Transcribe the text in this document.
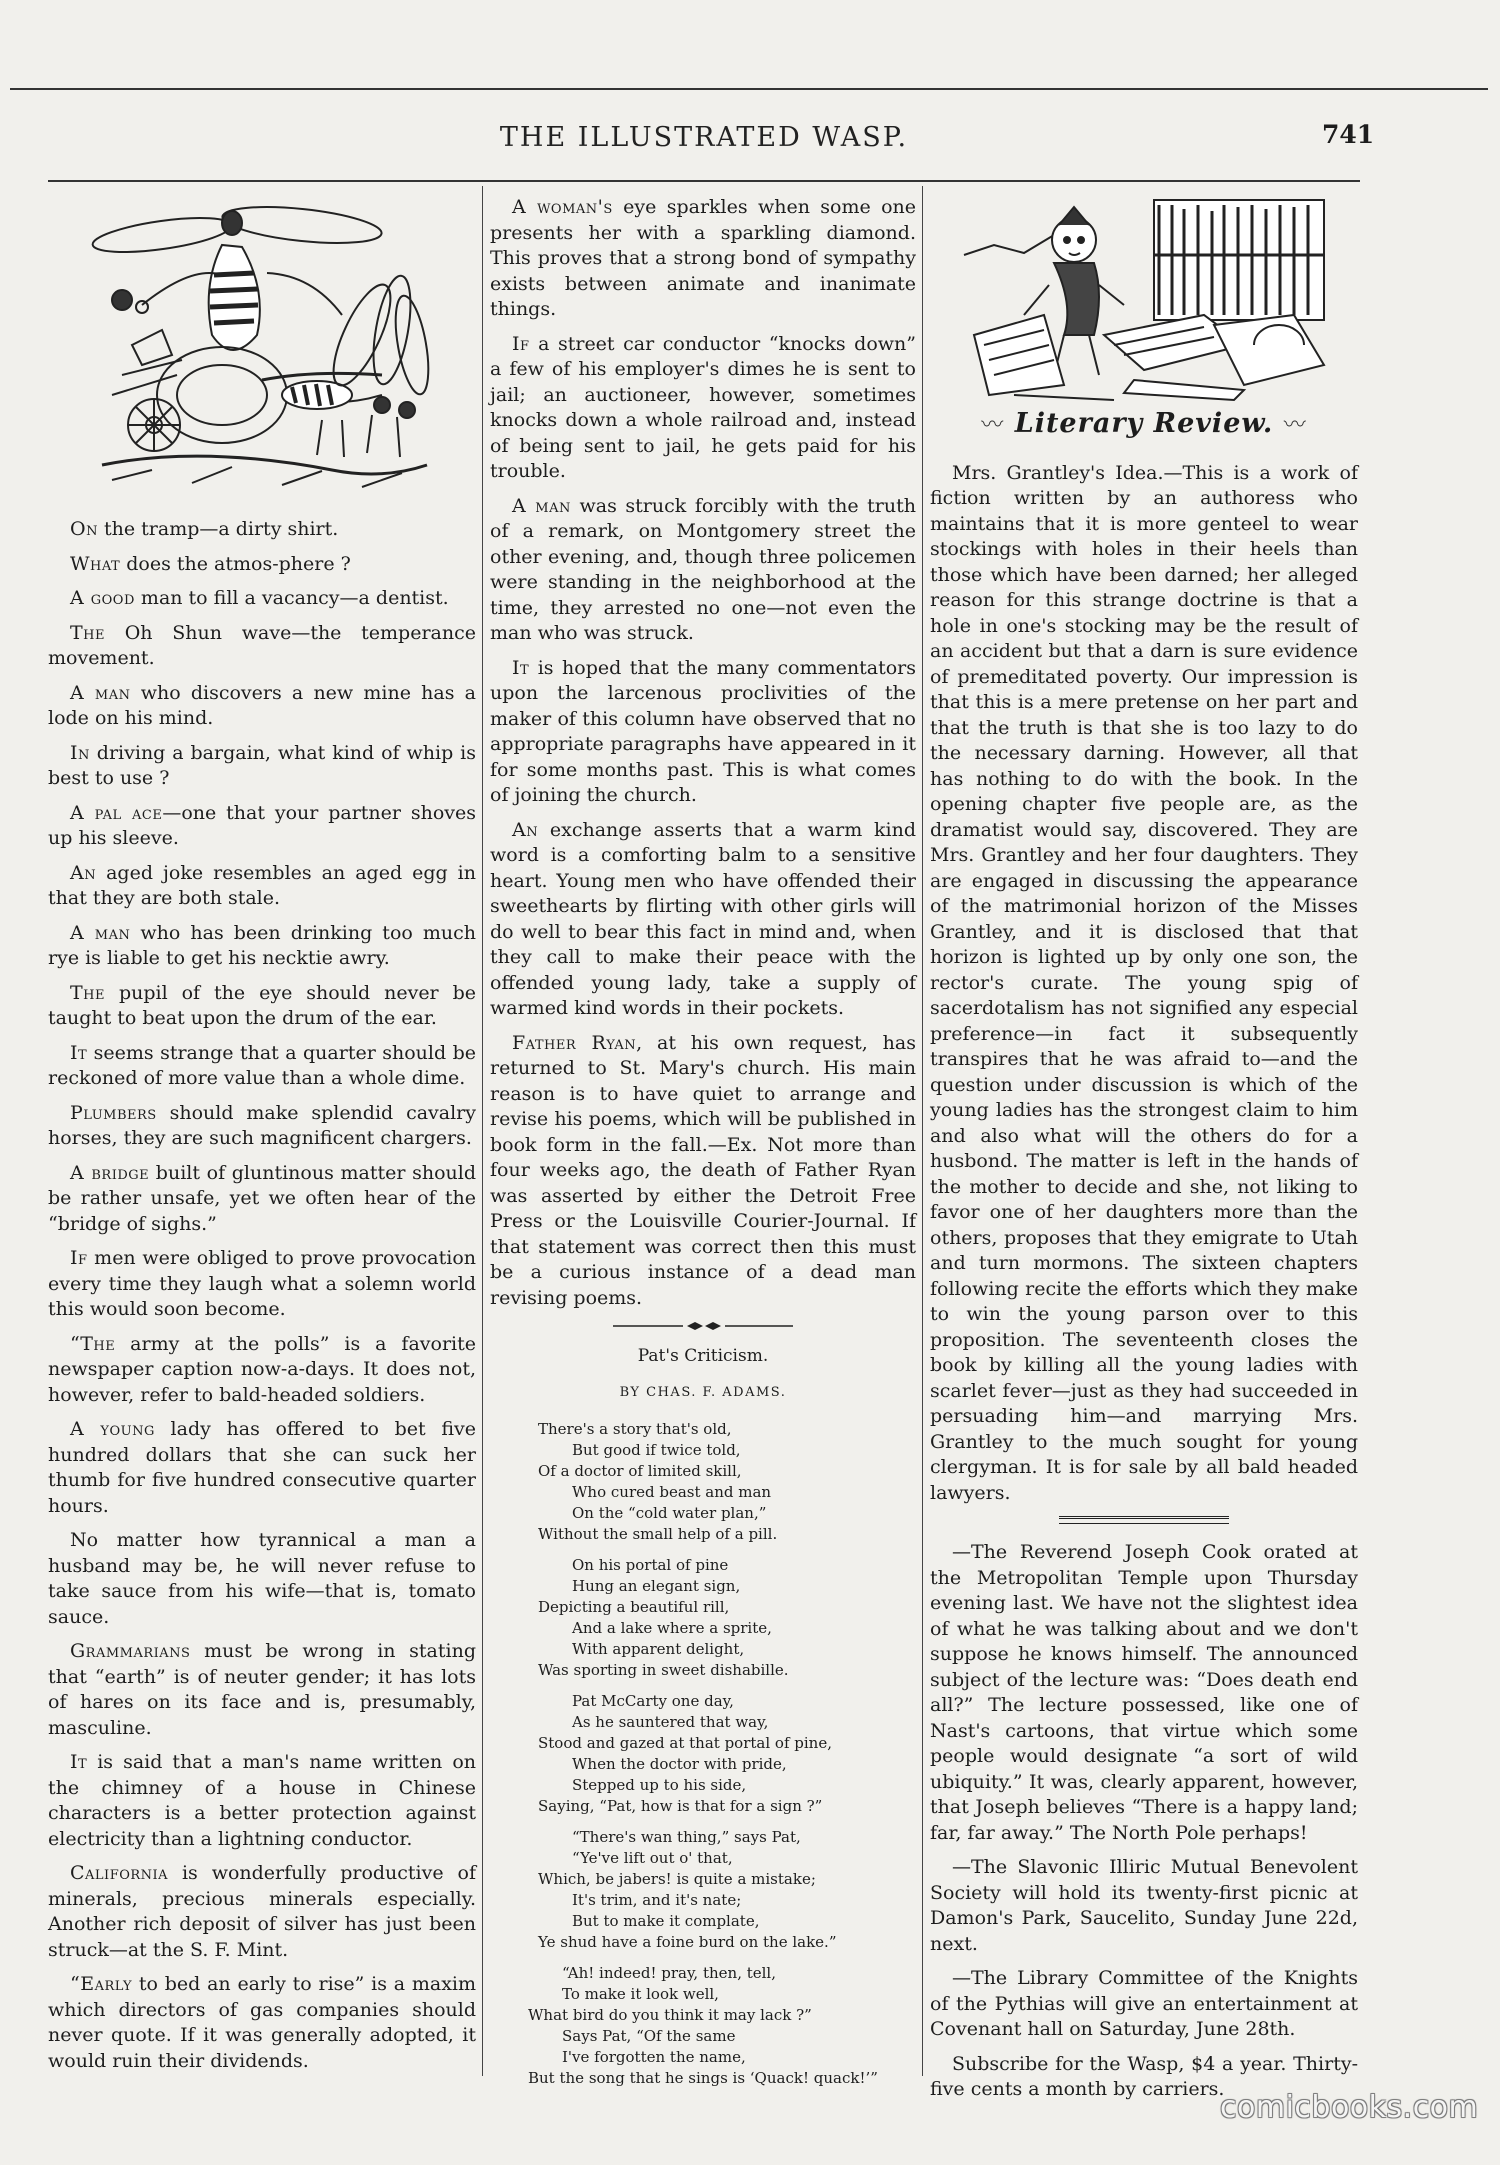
THE ILLUSTRATED WASP.	741

On the tramp—a dirty shirt.

What does the atmos-phere ?

A good man to fill a vacancy—a dentist.

The Oh Shun wave—the temperance movement.

A man who discovers a new mine has a lode on his mind.

In driving a bargain, what kind of whip is best to use ?

A pal ace—one that your partner shoves up his sleeve.

An aged joke resembles an aged egg in that they are both stale.

A man who has been drinking too much rye is liable to get his necktie awry.

The pupil of the eye should never be taught to beat upon the drum of the ear.

It seems strange that a quarter should be reckoned of more value than a whole dime.

Plumbers should make splendid cavalry horses, they are such magnificent chargers.

A bridge built of gluntinous matter should be rather unsafe, yet we often hear of the “bridge of sighs.”

If men were obliged to prove provocation every time they laugh what a solemn world this would soon become.

“The army at the polls” is a favorite newspaper caption now-a-days. It does not, however, refer to bald-headed soldiers.

A young lady has offered to bet five hundred dollars that she can suck her thumb for five hundred consecutive quarter hours.

No matter how tyrannical a man a husband may be, he will never refuse to take sauce from his wife—that is, tomato sauce.

Grammarians must be wrong in stating that “earth” is of neuter gender; it has lots of hares on its face and is, presumably, masculine.

It is said that a man's name written on the chimney of a house in Chinese characters is a better protection against electricity than a lightning conductor.

California is wonderfully productive of minerals, precious minerals especially. Another rich deposit of silver has just been struck—at the S. F. Mint.

“Early to bed an early to rise” is a maxim which directors of gas companies should never quote. If it was generally adopted, it would ruin their dividends.

A woman's eye sparkles when some one presents her with a sparkling diamond. This proves that a strong bond of sympathy exists between animate and inanimate things.

If a street car conductor “knocks down” a few of his employer's dimes he is sent to jail; an auctioneer, however, sometimes knocks down a whole railroad and, instead of being sent to jail, he gets paid for his trouble.

A man was struck forcibly with the truth of a remark, on Montgomery street the other evening, and, though three policemen were standing in the neighborhood at the time, they arrested no one—not even the man who was struck.

It is hoped that the many commentators upon the larcenous proclivities of the maker of this column have observed that no appropriate paragraphs have appeared in it for some months past. This is what comes of joining the church.

An exchange asserts that a warm kind word is a comforting balm to a sensitive heart. Young men who have offended their sweethearts by flirting with other girls will do well to bear this fact in mind and, when they call to make their peace with the offended young lady, take a supply of warmed kind words in their pockets.

Father Ryan, at his own request, has returned to St. Mary's church. His main reason is to have quiet to arrange and revise his poems, which will be published in book form in the fall.—Ex. Not more than four weeks ago, the death of Father Ryan was asserted by either the Detroit Free Press or the Louisville Courier-Journal. If that statement was correct then this must be a curious instance of a dead man revising poems.

Pat's Criticism.
BY CHAS. F. ADAMS.
There's a story that's old,
But good if twice told,
Of a doctor of limited skill,
Who cured beast and man
On the “cold water plan,”
Without the small help of a pill.
On his portal of pine
Hung an elegant sign,
Depicting a beautiful rill,
And a lake where a sprite,
With apparent delight,
Was sporting in sweet dishabille.
Pat McCarty one day,
As he sauntered that way,
Stood and gazed at that portal of pine,
When the doctor with pride,
Stepped up to his side,
Saying, “Pat, how is that for a sign ?”
“There's wan thing,” says Pat,
“Ye've lift out o' that,
Which, be jabers! is quite a mistake;
It's trim, and it's nate;
But to make it complate,
Ye shud have a foine burd on the lake.”
“Ah! indeed! pray, then, tell,
To make it look well,
What bird do you think it may lack ?”
Says Pat, “Of the same
I've forgotten the name,
But the song that he sings is ‘Quack! quack!’”
〰 Literary Review. 〰

Mrs. Grantley's Idea.—This is a work of fiction written by an authoress who maintains that it is more genteel to wear stockings with holes in their heels than those which have been darned; her alleged reason for this strange doctrine is that a hole in one's stocking may be the result of an accident but that a darn is sure evidence of premeditated poverty. Our impression is that this is a mere pretense on her part and that the truth is that she is too lazy to do the necessary darning. However, all that has nothing to do with the book. In the opening chapter five people are, as the dramatist would say, discovered. They are Mrs. Grantley and her four daughters. They are engaged in discussing the appearance of the matrimonial horizon of the Misses Grantley, and it is disclosed that that horizon is lighted up by only one son, the rector's curate. The young spig of sacerdotalism has not signified any especial preference—in fact it subsequently transpires that he was afraid to—and the question under discussion is which of the young ladies has the strongest claim to him and also what will the others do for a husbond. The matter is left in the hands of the mother to decide and she, not liking to favor one of her daughters more than the others, proposes that they emigrate to Utah and turn mormons. The sixteen chapters following recite the efforts which they make to win the young parson over to this proposition. The seventeenth closes the book by killing all the young ladies with scarlet fever—just as they had succeeded in persuading him—and marrying Mrs. Grantley to the much sought for young clergyman. It is for sale by all bald headed lawyers.

—The Reverend Joseph Cook orated at the Metropolitan Temple upon Thursday evening last. We have not the slightest idea of what he was talking about and we don't suppose he knows himself. The announced subject of the lecture was: “Does death end all?” The lecture possessed, like one of Nast's cartoons, that virtue which some people would designate “a sort of wild ubiquity.” It was, clearly apparent, however, that Joseph believes “There is a happy land; far, far away.” The North Pole perhaps!

—The Slavonic Illiric Mutual Benevolent Society will hold its twenty-first picnic at Damon's Park, Saucelito, Sunday June 22d, next.

—The Library Committee of the Knights of the Pythias will give an entertainment at Covenant hall on Saturday, June 28th.

Subscribe for the Wasp, $4 a year. Thirty-five cents a month by carriers.

comicbooks.com
